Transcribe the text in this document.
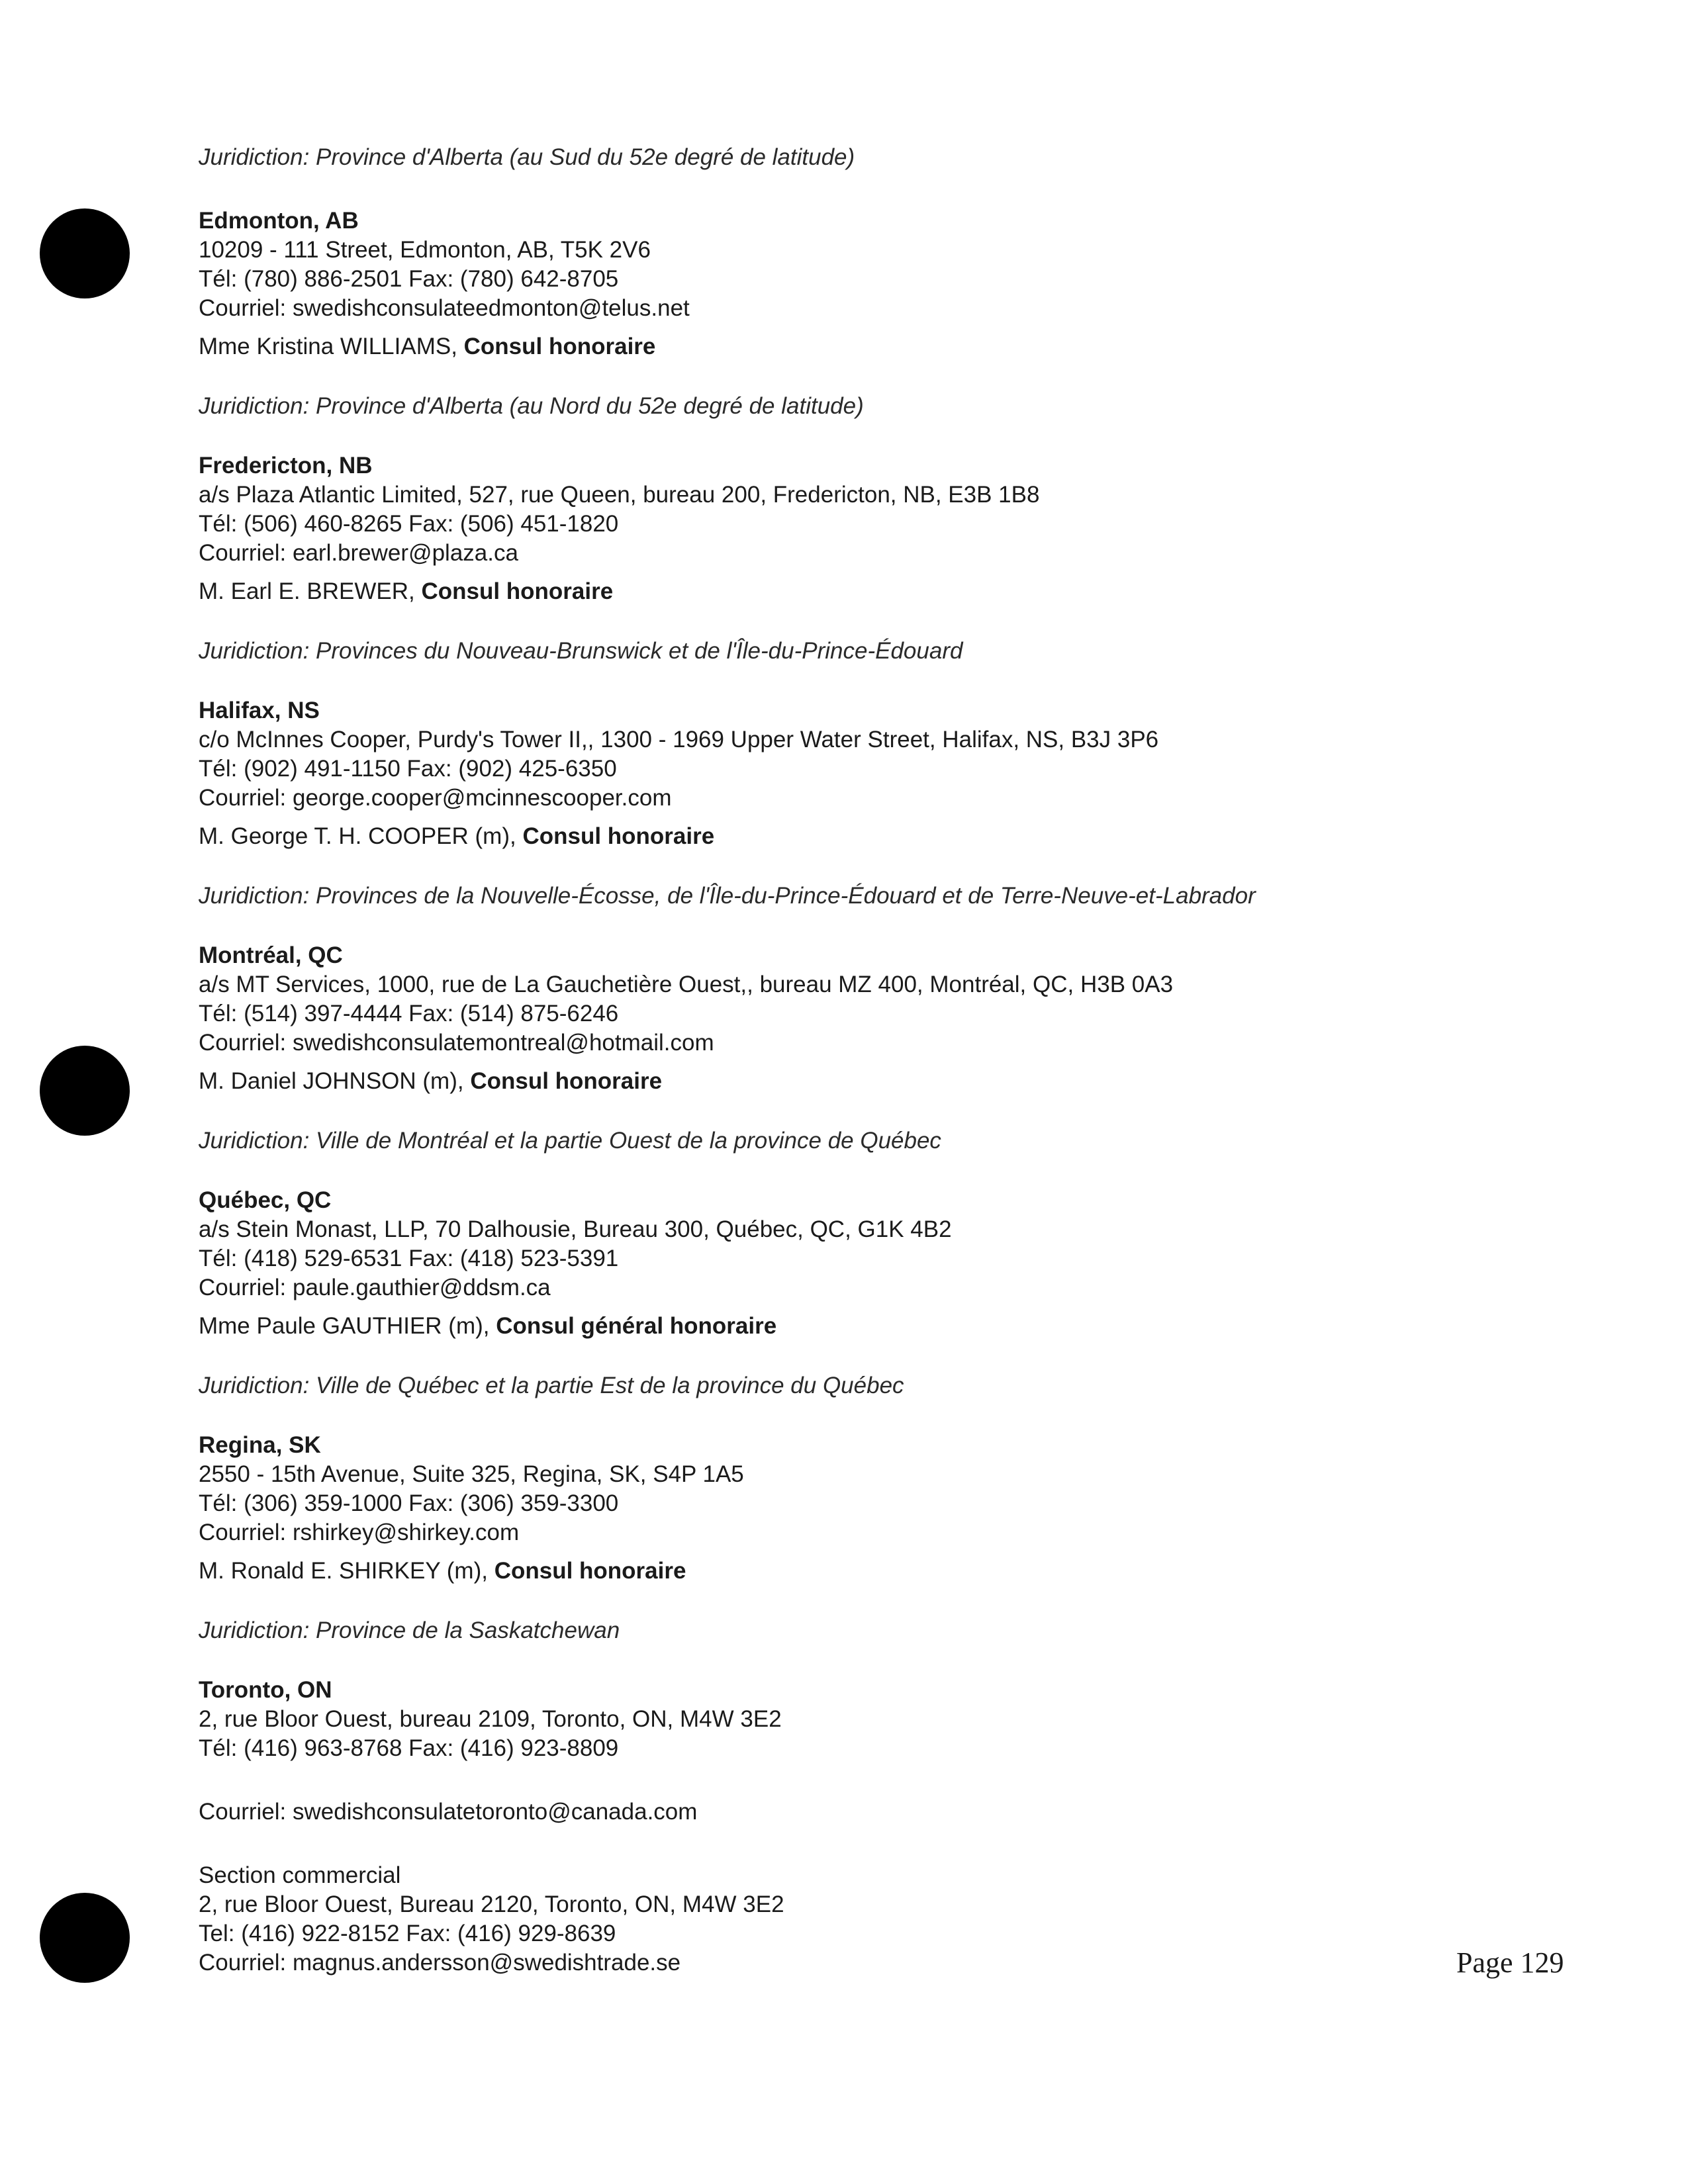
Juridiction: Province d'Alberta (au Sud du 52e degré de latitude)

Edmonton, AB

10209 - 111 Street, Edmonton, AB, T5K 2V6

Tél: (780) 886-2501 Fax: (780) 642-8705

Courriel: swedishconsulateedmonton@telus.net

Mme Kristina WILLIAMS, Consul honoraire

Juridiction: Province d'Alberta (au Nord du 52e degré de latitude)

Fredericton, NB

a/s Plaza Atlantic Limited, 527, rue Queen, bureau 200, Fredericton, NB, E3B 1B8

Tél: (506) 460-8265 Fax: (506) 451-1820

Courriel: earl.brewer@plaza.ca

M. Earl E. BREWER, Consul honoraire

Juridiction: Provinces du Nouveau-Brunswick et de l'Île-du-Prince-Édouard

Halifax, NS

c/o McInnes Cooper, Purdy's Tower II,, 1300 - 1969 Upper Water Street, Halifax, NS, B3J 3P6

Tél: (902) 491-1150 Fax: (902) 425-6350

Courriel: george.cooper@mcinnescooper.com

M. George T. H. COOPER (m), Consul honoraire

Juridiction: Provinces de la Nouvelle-Écosse, de l'Île-du-Prince-Édouard et de Terre-Neuve-et-Labrador

Montréal, QC

a/s MT Services, 1000, rue de La Gauchetière Ouest,, bureau MZ 400, Montréal, QC, H3B 0A3

Tél: (514) 397-4444 Fax: (514) 875-6246

Courriel: swedishconsulatemontreal@hotmail.com

M. Daniel JOHNSON (m), Consul honoraire

Juridiction: Ville de Montréal et la partie Ouest de la province de Québec

Québec, QC

a/s Stein Monast, LLP, 70 Dalhousie, Bureau 300, Québec, QC, G1K 4B2

Tél: (418) 529-6531 Fax: (418) 523-5391

Courriel: paule.gauthier@ddsm.ca

Mme Paule GAUTHIER (m), Consul général honoraire

Juridiction: Ville de Québec et la partie Est de la province du Québec

Regina, SK

2550 - 15th Avenue, Suite 325, Regina, SK, S4P 1A5

Tél: (306) 359-1000 Fax: (306) 359-3300

Courriel: rshirkey@shirkey.com

M. Ronald E. SHIRKEY (m), Consul honoraire

Juridiction: Province de la Saskatchewan

Toronto, ON

2, rue Bloor Ouest, bureau 2109, Toronto, ON, M4W 3E2

Tél: (416) 963-8768 Fax: (416) 923-8809

Courriel: swedishconsulatetoronto@canada.com

Section commercial

2, rue Bloor Ouest, Bureau 2120, Toronto, ON, M4W 3E2

Tel: (416) 922-8152 Fax: (416) 929-8639

Courriel: magnus.andersson@swedishtrade.se	Page 129
